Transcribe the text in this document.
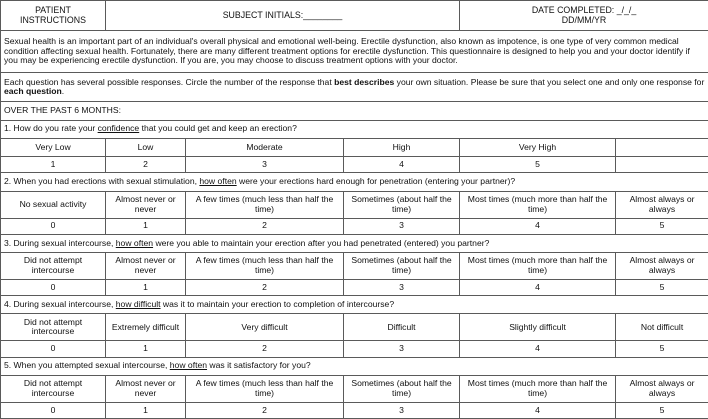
PATIENT INSTRUCTIONS	SUBJECT INITIALS:________			DATE COMPLETED: _/_/_
DD/MM/YR	
Sexual health is an important part of an individual's overall physical and emotional well-being. Erectile dysfunction, also known as impotence, is one type of very common medical condition affecting sexual health. Fortunately, there are many different treatment options for erectile dysfunction. This questionnaire is designed to help you and your doctor identify if you may be experiencing erectile dysfunction. If you are, you may choose to discuss treatment options with your doctor.					
Each question has several possible responses. Circle the number of the response that best describes your own situation. Please be sure that you select one and only one response for each question.					
OVER THE PAST 6 MONTHS:					
1. How do you rate your confidence that you could get and keep an erection?					
Very Low	Low	Moderate	High	Very High	
1	2	3	4	5	
2. When you had erections with sexual stimulation, how often were your erections hard enough for penetration (entering your partner)?					
No sexual activity	Almost never or never	A few times (much less than half the time)	Sometimes (about half the time)	Most times (much more than half the time)	Almost always or always
0	1	2	3	4	5
3. During sexual intercourse, how often were you able to maintain your erection after you had penetrated (entered) you partner?					
Did not attempt intercourse	Almost never or never	A few times (much less than half the time)	Sometimes (about half the time)	Most times (much more than half the time)	Almost always or always
0	1	2	3	4	5
4. During sexual intercourse, how difficult was it to maintain your erection to completion of intercourse?					
Did not attempt intercourse	Extremely difficult	Very difficult	Difficult	Slightly difficult	Not difficult
0	1	2	3	4	5
5. When you attempted sexual intercourse, how often was it satisfactory for you?					
Did not attempt intercourse	Almost never or never	A few times (much less than half the time)	Sometimes (about half the time)	Most times (much more than half the time)	Almost always or always
0	1	2	3	4	5
